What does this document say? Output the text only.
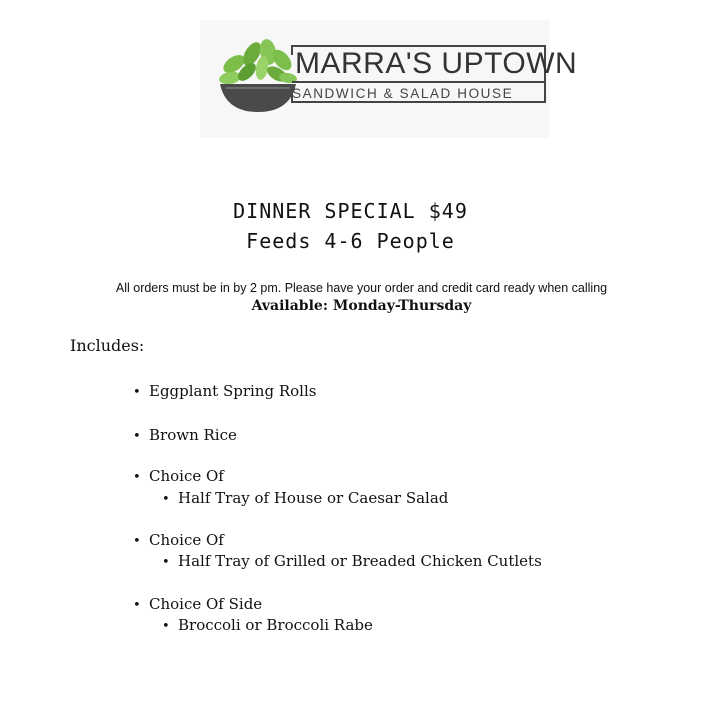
MARRA'S UPTOWN
SANDWICH & SALAD HOUSE
DINNER SPECIAL $49
Feeds 4-6 People
All orders must be in by 2 pm. Please have your order and credit card ready when calling
Available: Monday-Thursday
Includes:
• Eggplant Spring Rolls
• Brown Rice
• Choice Of
• Half Tray of House or Caesar Salad
• Choice Of
• Half Tray of Grilled or Breaded Chicken Cutlets
• Choice Of Side
• Broccoli or Broccoli Rabe
